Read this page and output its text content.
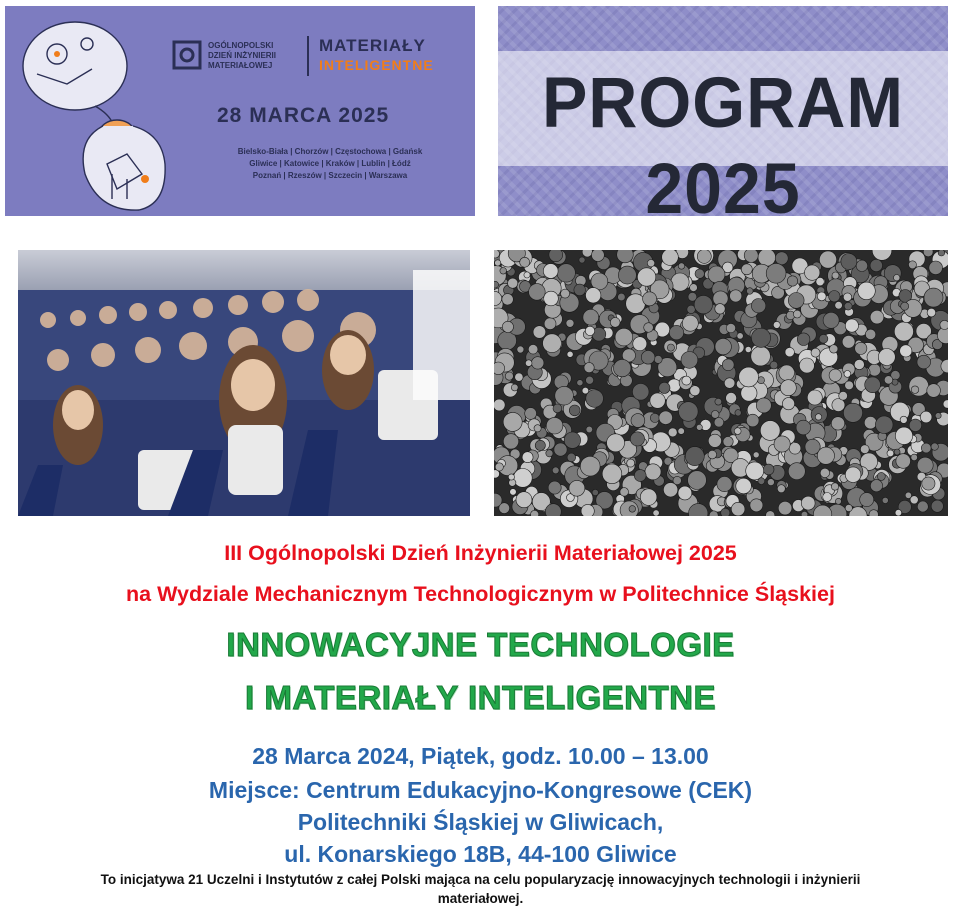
OGÓLNOPOLSKI
DZIEŃ INŻYNIERII
MATERIAŁOWEJ
MATERIAŁY
INTELIGENTNE
28 MARCA 2025
Bielsko-Biała | Chorzów | Częstochowa | Gdańsk
Gliwice | Katowice | Kraków | Lublin | Łódź
Poznań | Rzeszów | Szczecin | Warszawa
PROGRAM 2025
III Ogólnopolski Dzień Inżynierii Materiałowej 2025
na Wydziale Mechanicznym Technologicznym w Politechnice Śląskiej
INNOWACYJNE TECHNOLOGIE
I MATERIAŁY INTELIGENTNE
28 Marca 2024, Piątek, godz. 10.00 – 13.00
Miejsce: Centrum Edukacyjno-Kongresowe (CEK)
Politechniki Śląskiej w Gliwicach,
ul. Konarskiego 18B, 44-100 Gliwice
To inicjatywa 21 Uczelni i Instytutów z całej Polski mająca na celu popularyzację innowacyjnych technologii i inżynierii
materiałowej.
